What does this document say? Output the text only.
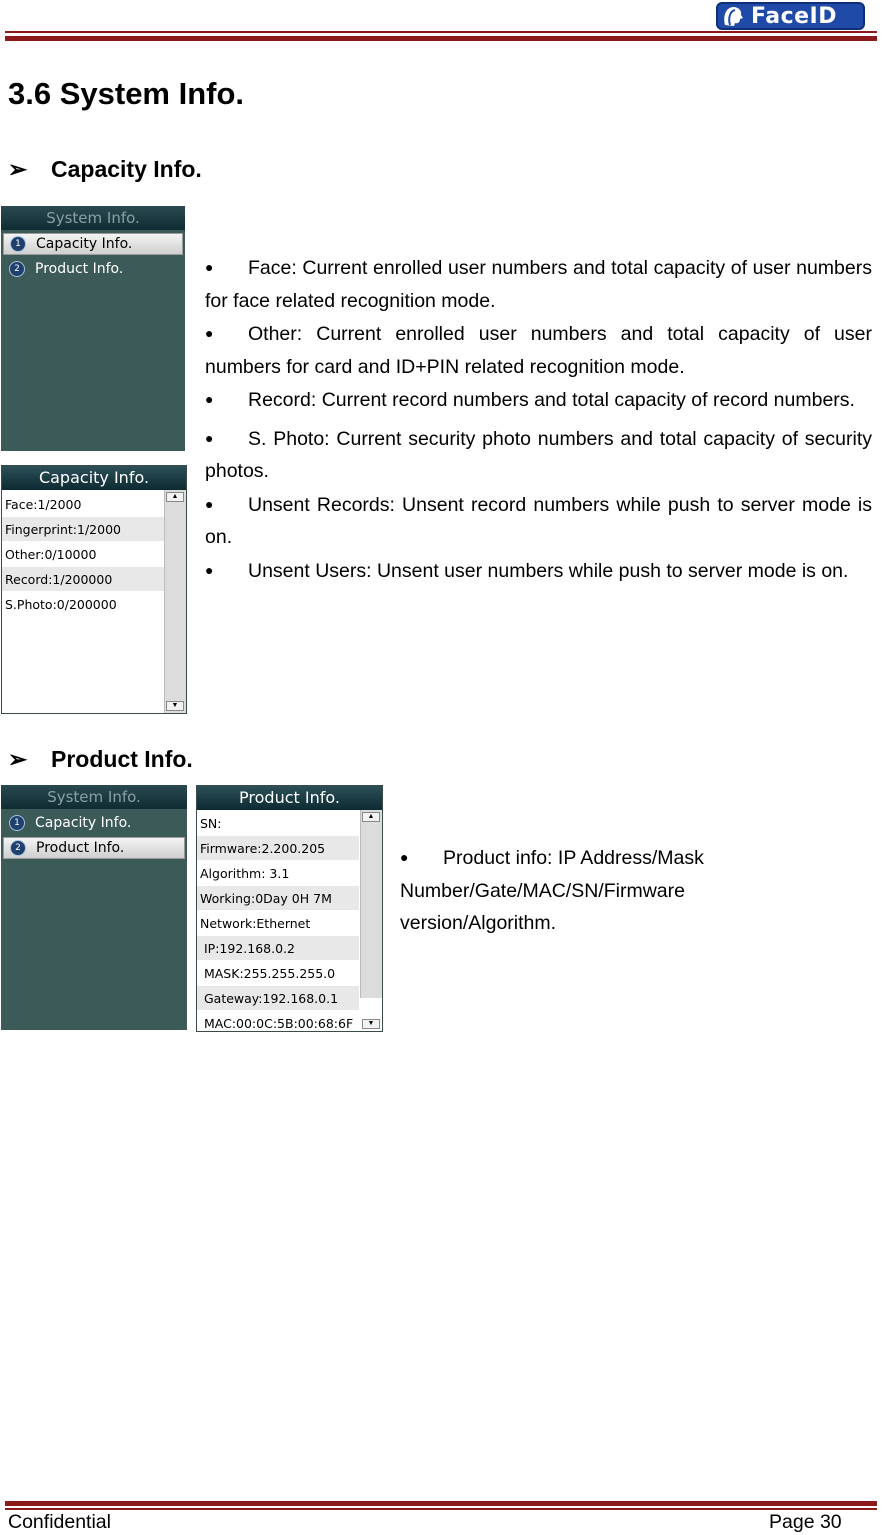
FaceID
3.6 System Info.
➢ Capacity Info.
System Info.
1	Capacity Info.
2	Product Info.
Capacity Info.
Face:1/2000
Fingerprint:1/2000
Other:0/10000
Record:1/200000
S.Photo:0/200000
▲
▼
● Face: Current enrolled user numbers and total capacity of user numbers for face related recognition mode.
● Other: Current enrolled user numbers and total capacity of user numbers for card and ID+PIN related recognition mode.
● Record: Current record numbers and total capacity of record numbers.
● S. Photo: Current security photo numbers and total capacity of security photos.
● Unsent Records: Unsent record numbers while push to server mode is on.
● Unsent Users: Unsent user numbers while push to server mode is on.
➢ Product Info.
System Info.
1	Capacity Info.
2	Product Info.
Product Info.
SN:
Firmware:2.200.205
Algorithm: 3.1
Working:0Day 0H 7M
Network:Ethernet
IP:192.168.0.2
MASK:255.255.255.0
Gateway:192.168.0.1
MAC:00:0C:5B:00:68:6F
▲
▼
● Product info: IP Address/Mask Number/Gate/MAC/SN/Firmware version/Algorithm.
Confidential	Page 30
